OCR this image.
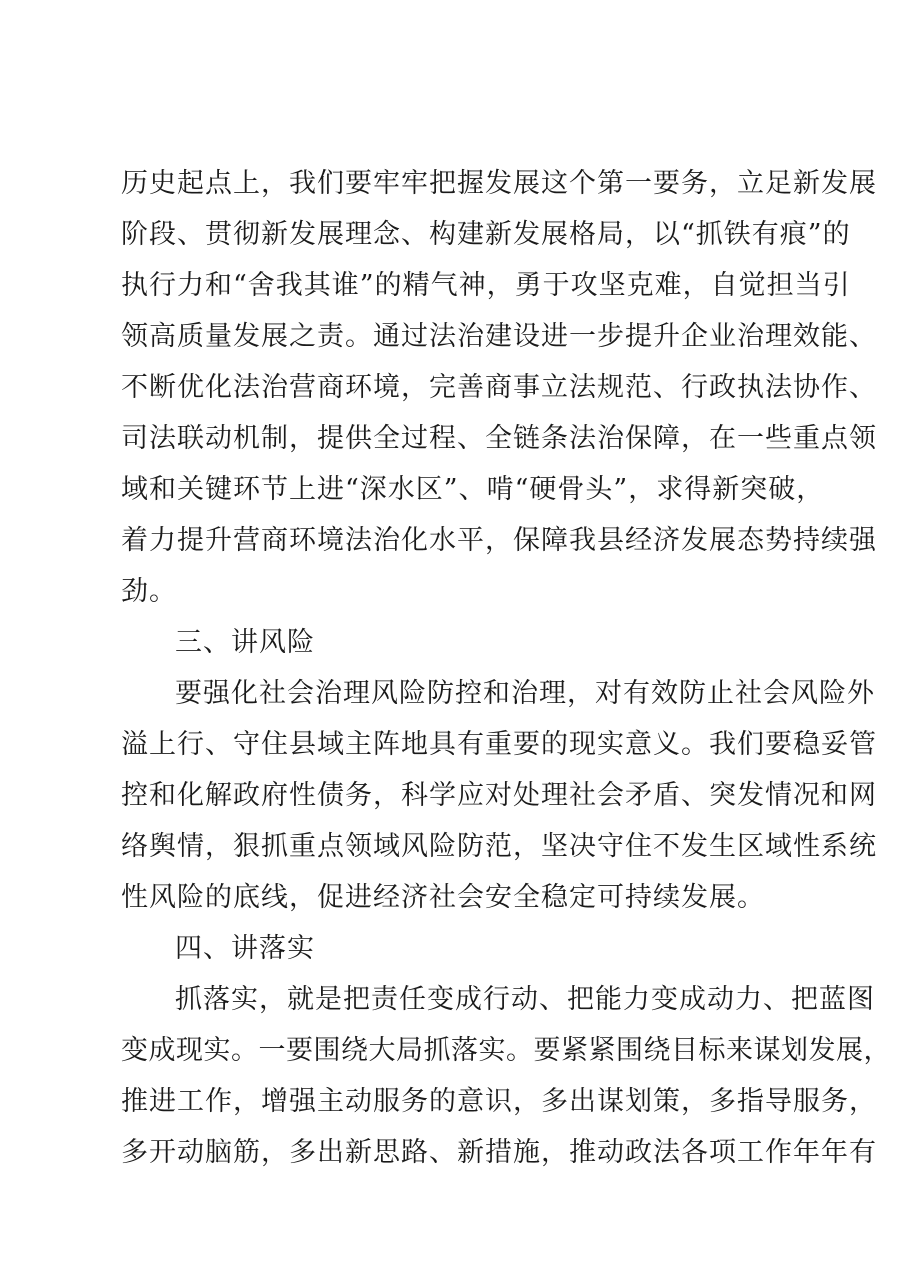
历史起点上，我们要牢牢把握发展这个第一要务，立足新发展
阶段、贯彻新发展理念、构建新发展格局，以“抓铁有痕”的
执行力和“舍我其谁”的精气神，勇于攻坚克难，自觉担当引
领高质量发展之责。通过法治建设进一步提升企业治理效能、
不断优化法治营商环境，完善商事立法规范、行政执法协作、
司法联动机制，提供全过程、全链条法治保障，在一些重点领
域和关键环节上进“深水区”、啃“硬骨头”，求得新突破，
着力提升营商环境法治化水平，保障我县经济发展态势持续强
劲。
三、讲风险
要强化社会治理风险防控和治理，对有效防止社会风险外
溢上行、守住县域主阵地具有重要的现实意义。我们要稳妥管
控和化解政府性债务，科学应对处理社会矛盾、突发情况和网
络舆情，狠抓重点领域风险防范，坚决守住不发生区域性系统
性风险的底线，促进经济社会安全稳定可持续发展。
四、讲落实
抓落实，就是把责任变成行动、把能力变成动力、把蓝图
变成现实。一要围绕大局抓落实。要紧紧围绕目标来谋划发展，
推进工作，增强主动服务的意识，多出谋划策，多指导服务，
多开动脑筋，多出新思路、新措施，推动政法各项工作年年有
